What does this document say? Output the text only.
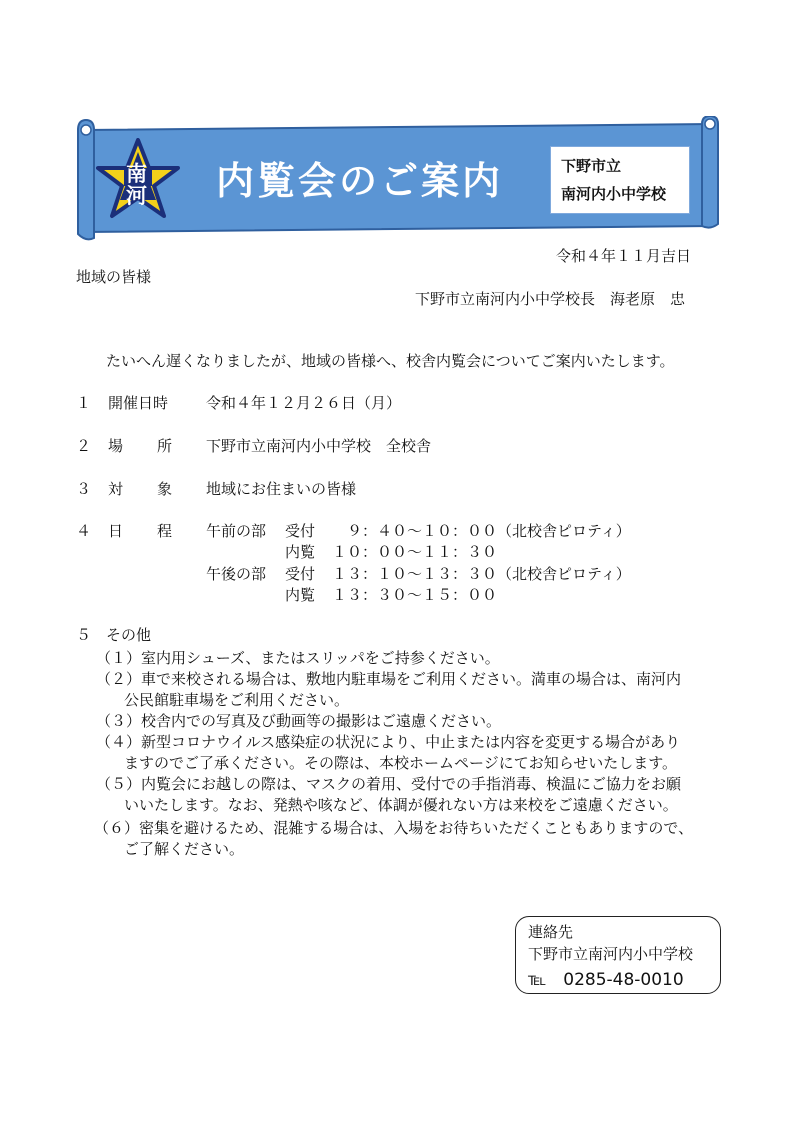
南
河 内覧会のご案内	下野市立
南河内小中学校
令和４年１１月吉日
地域の皆様
下野市立南河内小中学校長　海老原　忠
たいへん遅くなりましたが、地域の皆様へ、校舎内覧会についてご案内いたします。
１ 開催日時	令和４年１２月２６日（月）
２ 場 所 下野市立南河内小中学校　全校舎
３ 対 象 地域にお住まいの皆様
４ 日 程 午前の部 受付 　９：４０～１０：００（北校舎ピロティ）
内覧 １０：００～１１：３０
午後の部 受付 １３：１０～１３：３０（北校舎ピロティ）
内覧 １３：３０～１５：００
５　その他
（１）室内用シューズ、またはスリッパをご持参ください。
（２）車で来校される場合は、敷地内駐車場をご利用ください。満車の場合は、南河内
公民館駐車場をご利用ください。
（３）校舎内での写真及び動画等の撮影はご遠慮ください。
（４）新型コロナウイルス感染症の状況により、中止または内容を変更する場合があり
ますのでご了承ください。その際は、本校ホームページにてお知らせいたします。
（５）内覧会にお越しの際は、マスクの着用、受付での手指消毒、検温にご協力をお願
いいたします。なお、発熱や咳など、体調が優れない方は来校をご遠慮ください。
（６）密集を避けるため、混雑する場合は、入場をお待ちいただくこともありますので、
ご了解ください。
連絡先
下野市立南河内小中学校
℡　0285-48-0010
